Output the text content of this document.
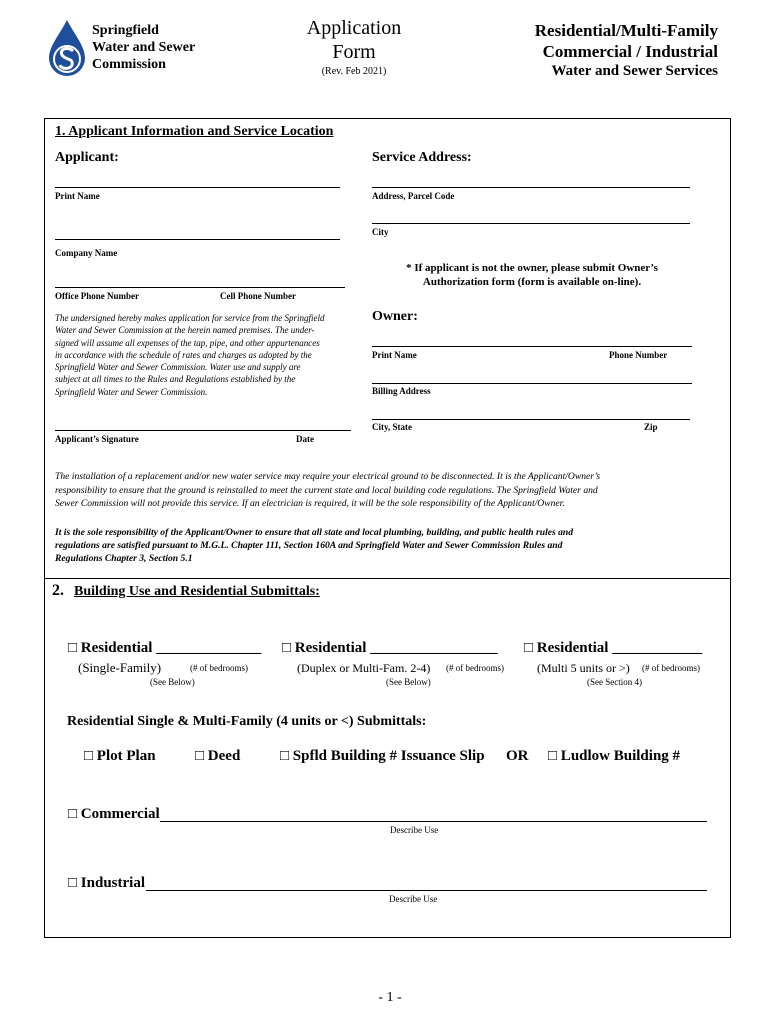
Springfield
Water and Sewer
Commission
Application
Form
(Rev. Feb 2021)
Residential/Multi-Family
Commercial / Industrial
Water and Sewer Services
1. Applicant Information and Service Location
Applicant:	Service Address:
Print Name
Company Name
Office Phone Number	Cell Phone Number
The undersigned hereby makes application for service from the Springfield
Water and Sewer Commission at the herein named premises. The under-
signed will assume all expenses of the tap, pipe, and other appurtenances
in accordance with the schedule of rates and charges as adopted by the
Springfield Water and Sewer Commission. Water use and supply are
subject at all times to the Rules and Regulations established by the
Springfield Water and Sewer Commission.
Applicant’s Signature	Date
Address, Parcel Code
City
* If applicant is not the owner, please submit Owner’s
Authorization form (form is available on-line).
Owner:
Print Name	Phone Number
Billing Address
City, State	Zip
The installation of a replacement and/or new water service may require your electrical ground to be disconnected. It is the Applicant/Owner’s
responsibility to ensure that the ground is reinstalled to meet the current state and local building code regulations. The Springfield Water and
Sewer Commission will not provide this service. If an electrician is required, it will be the sole responsibility of the Applicant/Owner.
It is the sole responsibility of the Applicant/Owner to ensure that all state and local plumbing, building, and public health rules and
regulations are satisfied pursuant to M.G.L. Chapter 111, Section 160A and Springfield Water and Sewer Commission Rules and
Regulations Chapter 3, Section 5.1
2. Building Use and Residential Submittals:
□ Residential ______________
(Single-Family)	(# of bedrooms)
(See Below)
□ Residential _________________
(Duplex or Multi-Fam. 2-4) (# of bedrooms)
(See Below)
□ Residential ____________
(Multi 5 units or >) (# of bedrooms)
(See Section 4)
Residential Single & Multi-Family (4 units or <) Submittals:
□ Plot Plan	□ Deed	□ Spfld Building # Issuance Slip OR □ Ludlow Building #
□ Commercial
Describe Use
□ Industrial
Describe Use
- 1 -
